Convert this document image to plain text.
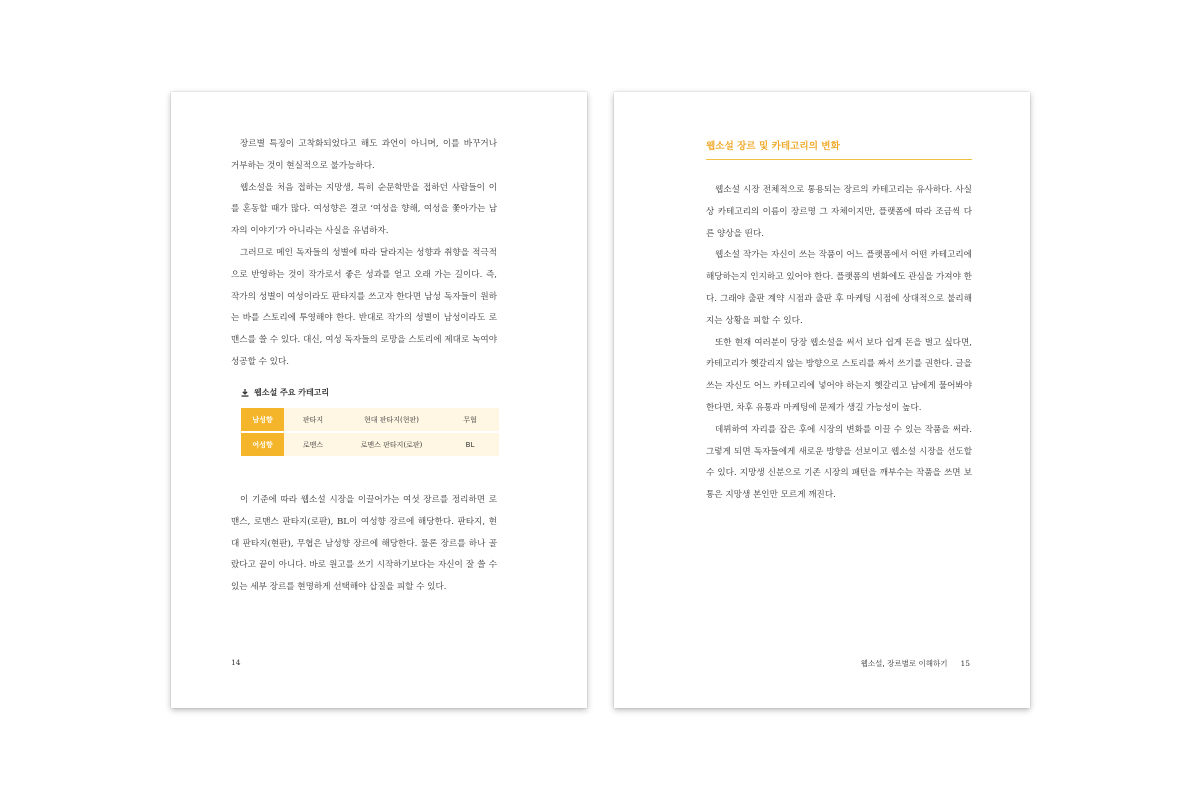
장르별 특징이 고착화되었다고 해도 과언이 아니며, 이를 바꾸거나 거부하는 것이 현실적으로 불가능하다.

웹소설을 처음 접하는 지망생, 특히 순문학만을 접하던 사람들이 이를 혼동할 때가 많다. 여성향은 결코 ‘여성을 향해, 여성을 쫓아가는 남자의 이야기’가 아니라는 사실을 유념하자.

그러므로 메인 독자들의 성별에 따라 달라지는 성향과 취향을 적극적으로 반영하는 것이 작가로서 좋은 성과를 얻고 오래 가는 길이다. 즉, 작가의 성별이 여성이라도 판타지를 쓰고자 한다면 남성 독자들이 원하는 바를 스토리에 투영해야 한다. 반대로 작가의 성별이 남성이라도 로맨스를 쓸 수 있다. 대신, 여성 독자들의 로망을 스토리에 제대로 녹여야 성공할 수 있다.

웹소설 주요 카테고리
남성향	판타지	현대 판타지(현판)	무협
여성향	로맨스	로맨스 판타지(로판)	BL

이 기준에 따라 웹소설 시장을 이끌어가는 여섯 장르를 정리하면 로맨스, 로맨스 판타지(로판), BL이 여성향 장르에 해당한다. 판타지, 현대 판타지(현판), 무협은 남성향 장르에 해당한다. 물론 장르를 하나 골랐다고 끝이 아니다. 바로 원고를 쓰기 시작하기보다는 자신이 잘 쓸 수 있는 세부 장르를 현명하게 선택해야 삽질을 피할 수 있다.

14
웹소설 장르 및 카테고리의 변화

웹소설 시장 전체적으로 통용되는 장르의 카테고리는 유사하다. 사실상 카테고리의 이름이 장르명 그 자체이지만, 플랫폼에 따라 조금씩 다른 양상을 띤다.

웹소설 작가는 자신이 쓰는 작품이 어느 플랫폼에서 어떤 카테고리에 해당하는지 인지하고 있어야 한다. 플랫폼의 변화에도 관심을 가져야 한다. 그래야 출판 계약 시점과 출판 후 마케팅 시점에 상대적으로 불리해지는 상황을 피할 수 있다.

또한 현재 여러분이 당장 웹소설을 써서 보다 쉽게 돈을 벌고 싶다면, 카테고리가 헷갈리지 않는 방향으로 스토리를 짜서 쓰기를 권한다. 글을 쓰는 자신도 어느 카테고리에 넣어야 하는지 헷갈리고 남에게 물어봐야 한다면, 차후 유통과 마케팅에 문제가 생길 가능성이 높다.

데뷔하여 자리를 잡은 후에 시장의 변화를 이끌 수 있는 작품을 써라. 그렇게 되면 독자들에게 새로운 방향을 선보이고 웹소설 시장을 선도할 수 있다. 지망생 신분으로 기존 시장의 패턴을 깨부수는 작품을 쓰면 보통은 지망생 본인만 모르게 깨진다.

웹소설, 장르별로 이해하기 15
